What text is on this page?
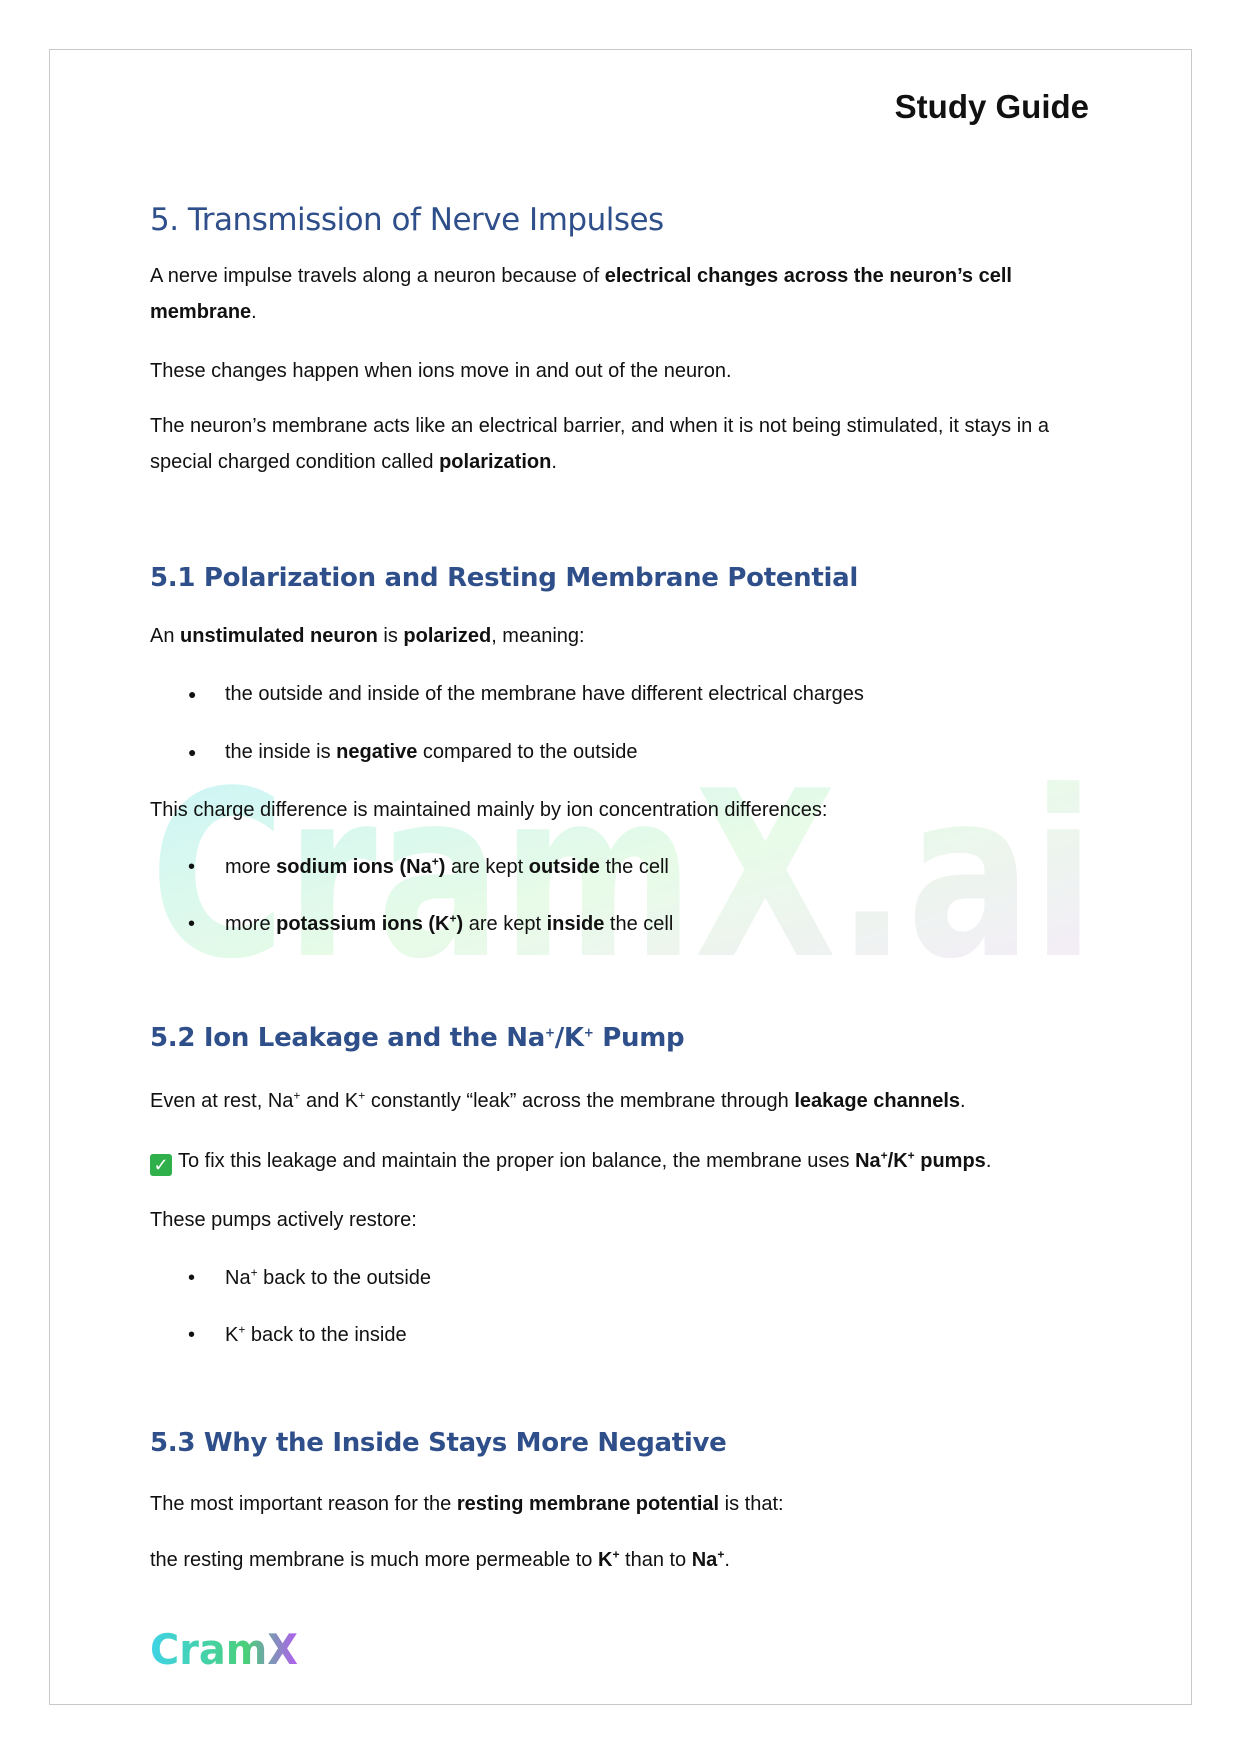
CramX.ai
Study Guide
5. Transmission of Nerve Impulses
A nerve impulse travels along a neuron because of electrical changes across the neuron’s cell membrane.
These changes happen when ions move in and out of the neuron.
The neuron’s membrane acts like an electrical barrier, and when it is not being stimulated, it stays in a special charged condition called polarization.
5.1 Polarization and Resting Membrane Potential
An unstimulated neuron is polarized, meaning:
● the outside and inside of the membrane have different electrical charges
● the inside is negative compared to the outside
This charge difference is maintained mainly by ion concentration differences:
• more sodium ions (Na+) are kept outside the cell
• more potassium ions (K+) are kept inside the cell
5.2 Ion Leakage and the Na+/K+ Pump
Even at rest, Na+ and K+ constantly “leak” across the membrane through leakage channels.
✓ To fix this leakage and maintain the proper ion balance, the membrane uses Na+/K+ pumps.
These pumps actively restore:
• Na+ back to the outside
• K+ back to the inside
5.3 Why the Inside Stays More Negative
The most important reason for the resting membrane potential is that:
the resting membrane is much more permeable to K+ than to Na+.
CramX
